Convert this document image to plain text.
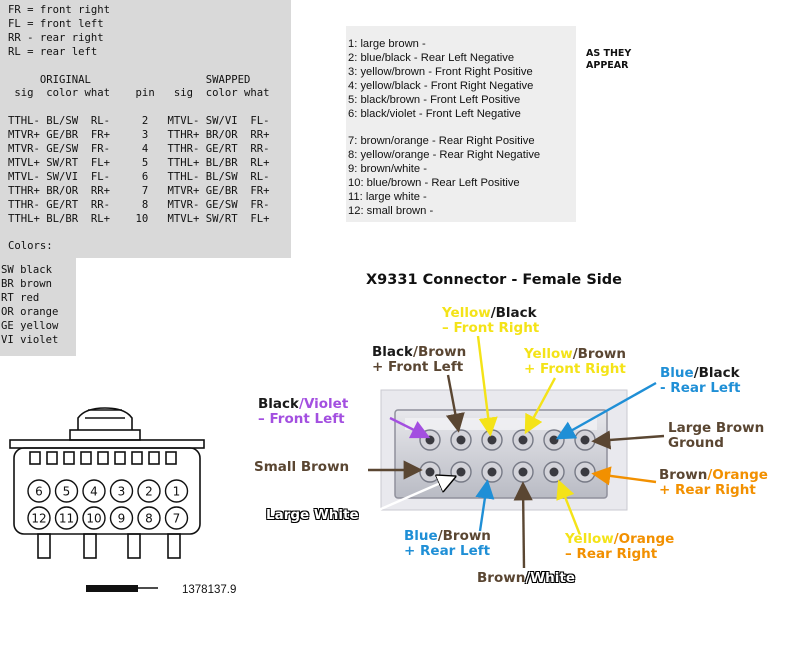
FR = front right
FL = front left
RR - rear right
RL = rear left

ORIGINAL                  SWAPPED
sig  color what    pin   sig  color what

TTHL- BL/SW  RL-     2   MTVL- SW/VI  FL-
MTVR+ GE/BR  FR+     3   TTHR+ BR/OR  RR+
MTVR- GE/SW  FR-     4   TTHR- GE/RT  RR-
MTVL+ SW/RT  FL+     5   TTHL+ BL/BR  RL+
MTVL- SW/VI  FL-     6   TTHL- BL/SW  RL-
TTHR+ BR/OR  RR+     7   MTVR+ GE/BR  FR+
TTHR- GE/RT  RR-     8   MTVR- GE/SW  FR-
TTHL+ BL/BR  RL+    10   MTVL+ SW/RT  FL+

Colors:
SW black
BR brown
RT red
OR orange
GE yellow
VI violet
1: large brown -
2: blue/black - Rear Left Negative
3: yellow/brown - Front Right Positive
4: yellow/black - Front Right Negative
5: black/brown - Front Left Positive
6: black/violet - Front Left Negative

7: brown/orange - Rear Right Positive
8: yellow/orange - Rear Right Negative
9: brown/white -
10: blue/brown - Rear Left Positive
11: large white -
12: small brown -
AS THEY
APPEAR
6 5 4 3 2 1
12 11 10 9 8 7
X9331 Connector - Female Side
Yellow/Black
– Front Right
Black/Brown
+ Front Left
Yellow/Brown
+ Front Right	Blue/Black
- Rear Left
Black/Violet
– Front Left
Large Brown
Ground
Small Brown	Brown/Orange
+ Rear Right
Large White
Blue/Brown
+ Rear Left
Yellow/Orange
– Rear Right
Brown/White
1378137.9
